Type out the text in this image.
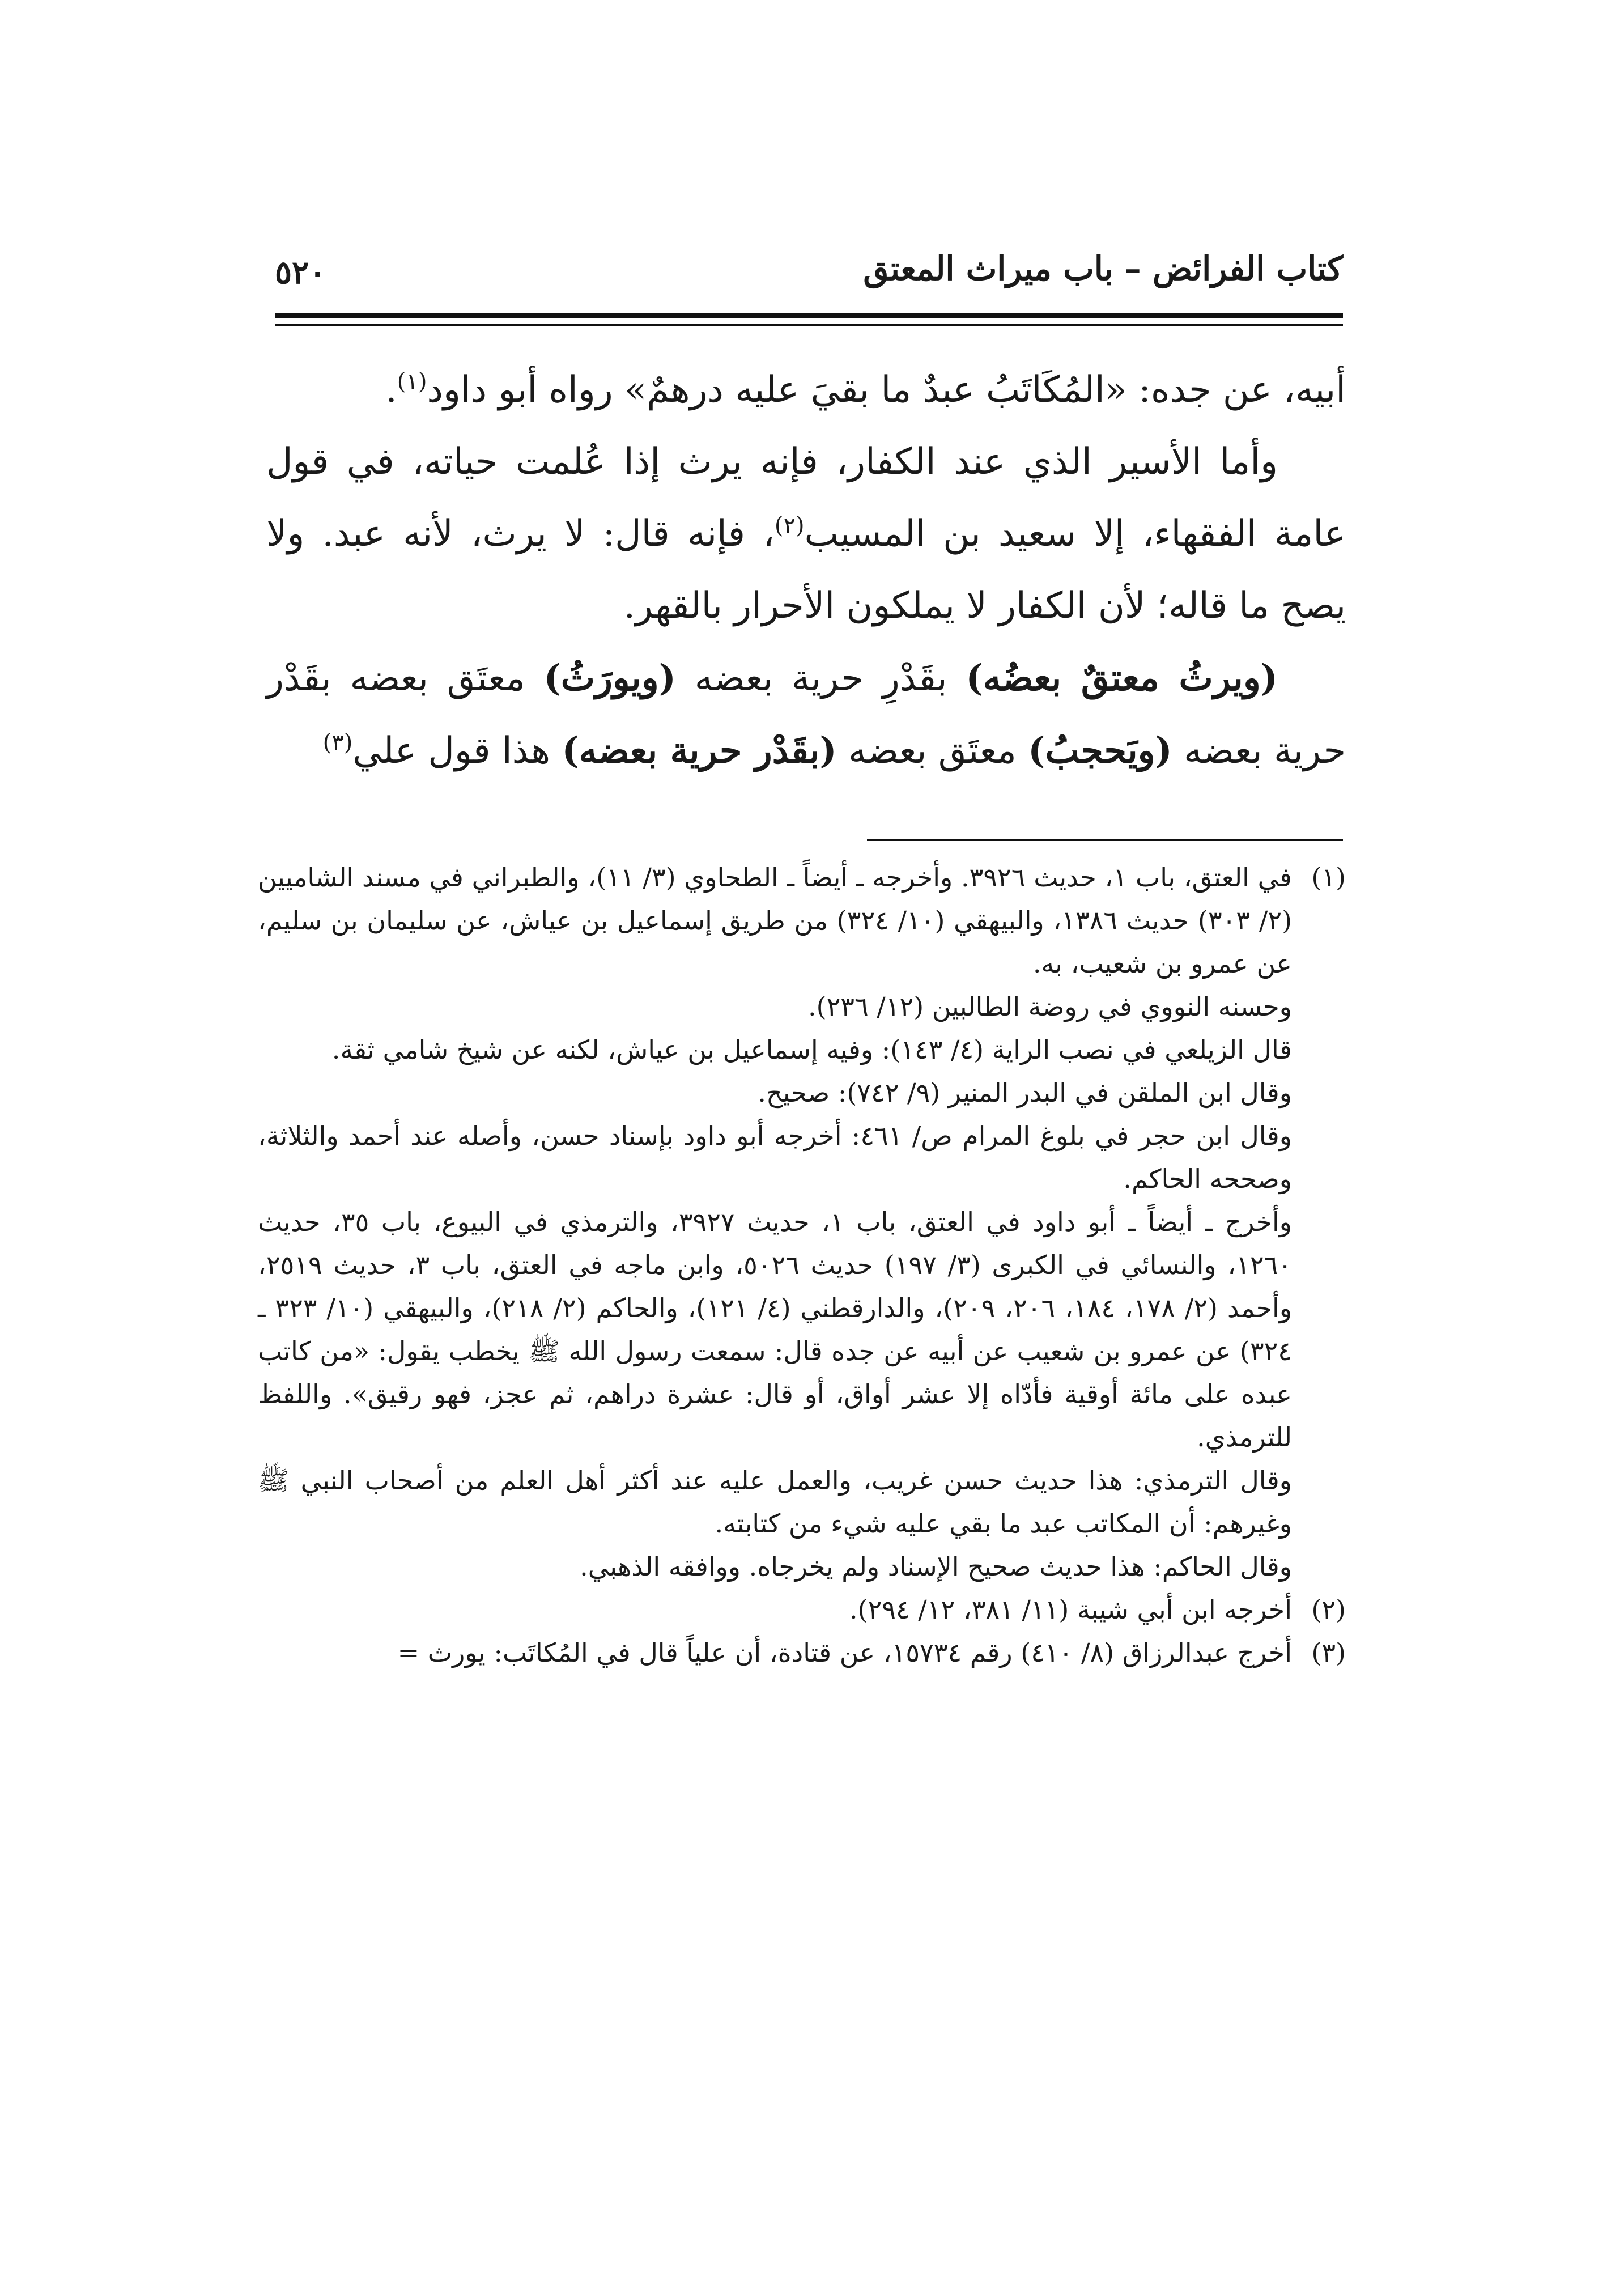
كتاب الفرائض – باب ميراث المعتق
٥٢٠

أبيه، عن جده: «المُكَاتَبُ عبدٌ ما بقيَ عليه درهمٌ» رواه أبو داود$^{(١)}$.

وأما الأسير الذي عند الكفار، فإنه يرث إذا عُلمت حياته، في قول عامة الفقهاء، إلا سعيد بن المسيب$^{(٢)}$، فإنه قال: لا يرث، لأنه عبد. ولا يصح ما قاله؛ لأن الكفار لا يملكون الأحرار بالقهر.

(ويرثُ معتقٌ بعضُه) بقَدْرِ حرية بعضه (ويورَثُ) معتَق بعضه بقَدْر حرية بعضه (ويَحجبُ) معتَق بعضه (بقَدْر حرية بعضه) هذا قول علي$^{(٣)}$

(١)
في العتق، باب ١، حديث ٣٩٢٦. وأخرجه ـ أيضاً ـ الطحاوي (٣/ ١١)، والطبراني في مسند الشاميين (٢/ ٣٠٣) حديث ١٣٨٦، والبيهقي (١٠/ ٣٢٤) من طريق إسماعيل بن عياش، عن سليمان بن سليم، عن عمرو بن شعيب، به.

وحسنه النووي في روضة الطالبين (١٢/ ٢٣٦).

قال الزيلعي في نصب الراية (٤/ ١٤٣): وفيه إسماعيل بن عياش، لكنه عن شيخ شامي ثقة.

وقال ابن الملقن في البدر المنير (٩/ ٧٤٢): صحيح.

وقال ابن حجر في بلوغ المرام ص/ ٤٦١: أخرجه أبو داود بإسناد حسن، وأصله عند أحمد والثلاثة، وصححه الحاكم.

وأخرج ـ أيضاً ـ أبو داود في العتق، باب ١، حديث ٣٩٢٧، والترمذي في البيوع، باب ٣٥، حديث ١٢٦٠، والنسائي في الكبرى (٣/ ١٩٧) حديث ٥٠٢٦، وابن ماجه في العتق، باب ٣، حديث ٢٥١٩، وأحمد (٢/ ١٧٨، ١٨٤، ٢٠٦، ٢٠٩)، والدارقطني (٤/ ١٢١)، والحاكم (٢/ ٢١٨)، والبيهقي (١٠/ ٣٢٣ ـ ٣٢٤) عن عمرو بن شعيب عن أبيه عن جده قال: سمعت رسول الله ﷺ يخطب يقول: «من كاتب عبده على مائة أوقية فأدّاه إلا عشر أواق، أو قال: عشرة دراهم، ثم عجز، فهو رقيق». واللفظ للترمذي.

وقال الترمذي: هذا حديث حسن غريب، والعمل عليه عند أكثر أهل العلم من أصحاب النبي ﷺ وغيرهم: أن المكاتب عبد ما بقي عليه شيء من كتابته.

وقال الحاكم: هذا حديث صحيح الإسناد ولم يخرجاه. ووافقه الذهبي.

(٢)
أخرجه ابن أبي شيبة (١١/ ٣٨١، ١٢/ ٢٩٤).

(٣)
أخرج عبدالرزاق (٨/ ٤١٠) رقم ١٥٧٣٤، عن قتادة، أن علياً قال في المُكاتَب: يورث =
